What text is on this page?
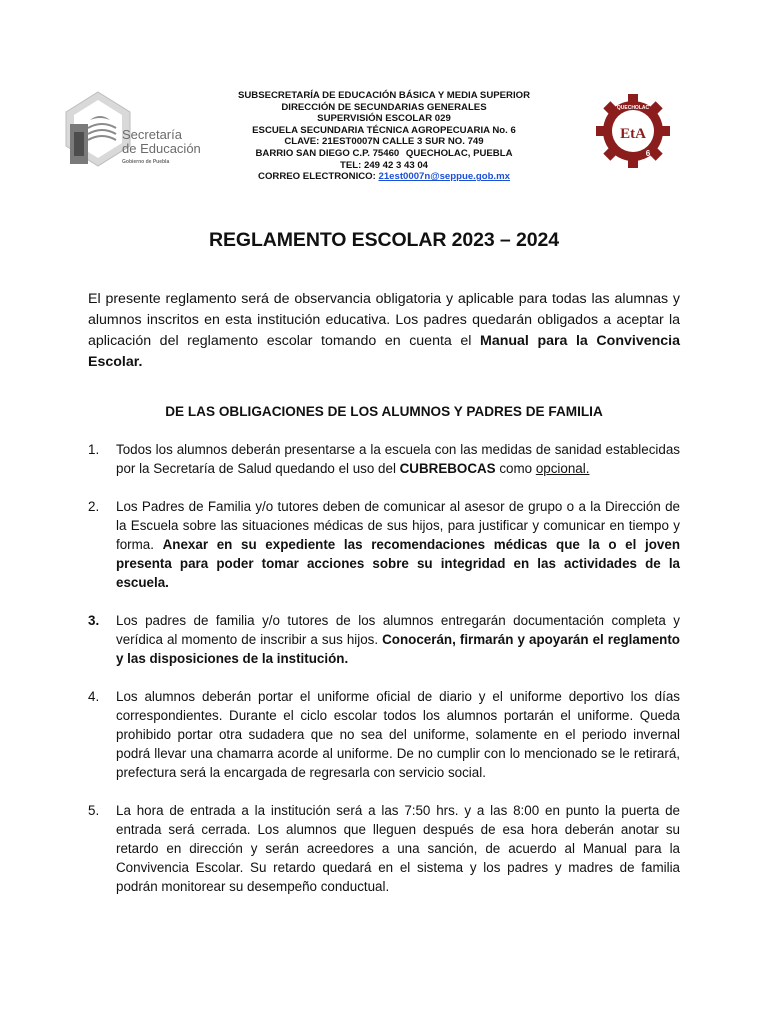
Secretaría
de Educación
Gobierno de Puebla
SUBSECRETARÍA DE EDUCACIÓN BÁSICA Y MEDIA SUPERIOR
DIRECCIÓN DE SECUNDARIAS GENERALES
SUPERVISIÓN ESCOLAR 029
ESCUELA SECUNDARIA TÉCNICA AGROPECUARIA No. 6
CLAVE: 21EST0007N CALLE 3 SUR NO. 749
BARRIO SAN DIEGO C.P. 75460 QUECHOLAC, PUEBLA
TEL: 249 42 3 43 04
CORREO ELECTRONICO: 21est0007n@seppue.gob.mx
QUECHOLAC
EtA
6
REGLAMENTO ESCOLAR 2023 – 2024

El presente reglamento será de observancia obligatoria y aplicable para todas las alumnas y alumnos inscritos en esta institución educativa. Los padres quedarán obligados a aceptar la aplicación del reglamento escolar tomando en cuenta el Manual para la Convivencia Escolar.

DE LAS OBLIGACIONES DE LOS ALUMNOS Y PADRES DE FAMILIA
1. Todos los alumnos deberán presentarse a la escuela con las medidas de sanidad establecidas por la Secretaría de Salud quedando el uso del CUBREBOCAS como opcional.
2. Los Padres de Familia y/o tutores deben de comunicar al asesor de grupo o a la Dirección de la Escuela sobre las situaciones médicas de sus hijos, para justificar y comunicar en tiempo y forma. Anexar en su expediente las recomendaciones médicas que la o el joven presenta para poder tomar acciones sobre su integridad en las actividades de la escuela.
3. Los padres de familia y/o tutores de los alumnos entregarán documentación completa y verídica al momento de inscribir a sus hijos. Conocerán, firmarán y apoyarán el reglamento y las disposiciones de la institución.
4. Los alumnos deberán portar el uniforme oficial de diario y el uniforme deportivo los días correspondientes. Durante el ciclo escolar todos los alumnos portarán el uniforme. Queda prohibido portar otra sudadera que no sea del uniforme, solamente en el periodo invernal podrá llevar una chamarra acorde al uniforme. De no cumplir con lo mencionado se le retirará, prefectura será la encargada de regresarla con servicio social.
5. La hora de entrada a la institución será a las 7:50 hrs. y a las 8:00 en punto la puerta de entrada será cerrada. Los alumnos que lleguen después de esa hora deberán anotar su retardo en dirección y serán acreedores a una sanción, de acuerdo al Manual para la Convivencia Escolar. Su retardo quedará en el sistema y los padres y madres de familia podrán monitorear su desempeño conductual.
